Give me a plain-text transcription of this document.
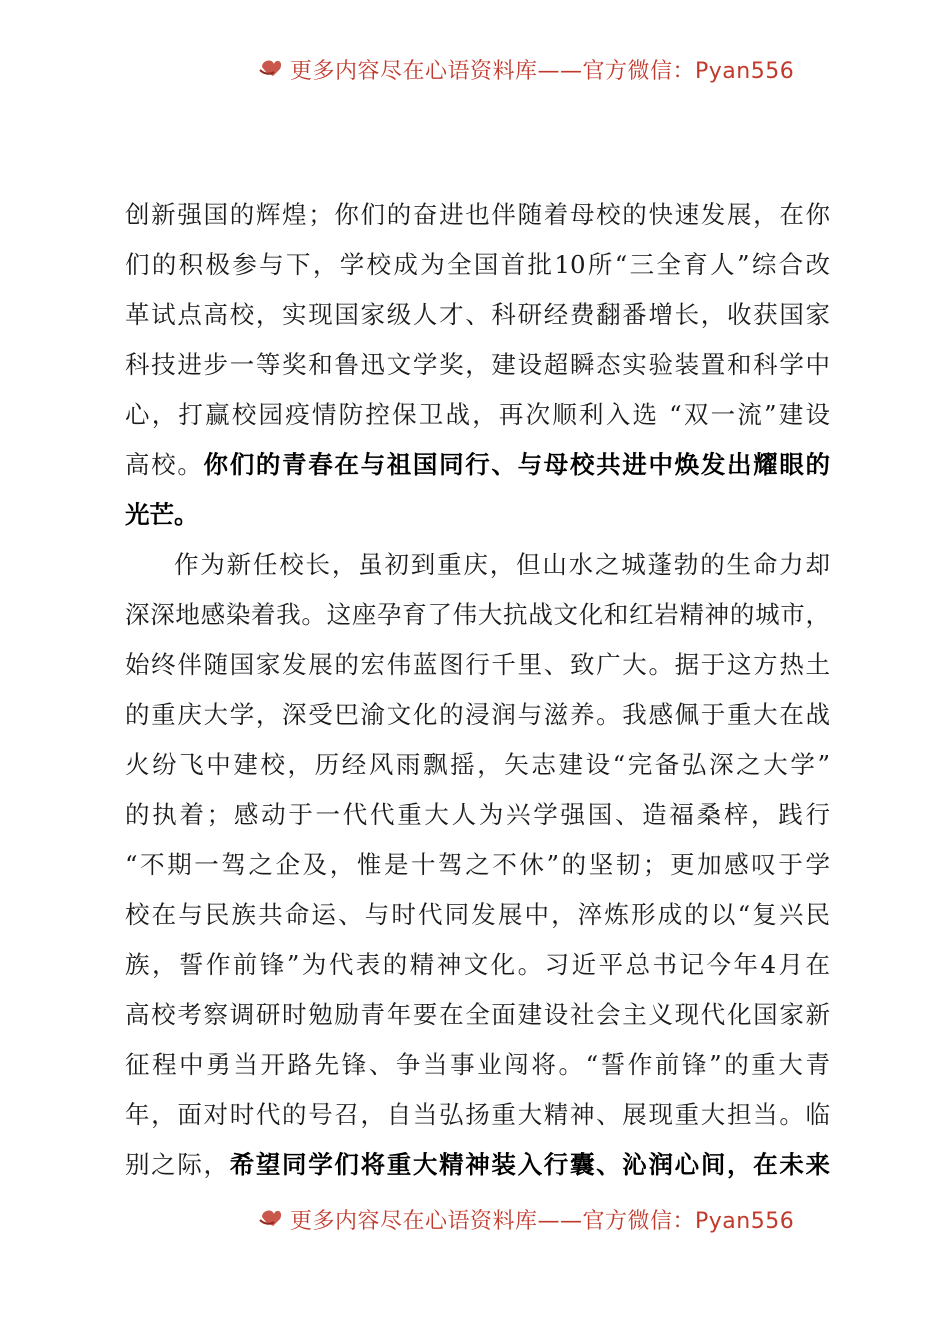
更多内容尽在心语资料库——官方微信：Pyan556
创新强国的辉煌；你们的奋进也伴随着母校的快速发展，在你
们的积极参与下，学校成为全国首批10所“三全育人”综合改
革试点高校，实现国家级人才、科研经费翻番增长，收获国家
科技进步一等奖和鲁迅文学奖，建设超瞬态实验装置和科学中
心，打赢校园疫情防控保卫战，再次顺利入选 “双一流”建设
高校。你们的青春在与祖国同行、与母校共进中焕发出耀眼的
光芒。
作为新任校长，虽初到重庆，但山水之城蓬勃的生命力却
深深地感染着我。这座孕育了伟大抗战文化和红岩精神的城市，
始终伴随国家发展的宏伟蓝图行千里、致广大。据于这方热土
的重庆大学，深受巴渝文化的浸润与滋养。我感佩于重大在战
火纷飞中建校，历经风雨飘摇，矢志建设“完备弘深之大学”
的执着；感动于一代代重大人为兴学强国、造福桑梓，践行
“不期一驾之企及，惟是十驾之不休”的坚韧；更加感叹于学
校在与民族共命运、与时代同发展中，淬炼形成的以“复兴民
族，誓作前锋”为代表的精神文化。习近平总书记今年4月在
高校考察调研时勉励青年要在全面建设社会主义现代化国家新
征程中勇当开路先锋、争当事业闯将。“誓作前锋”的重大青
年，面对时代的号召，自当弘扬重大精神、展现重大担当。临
别之际，希望同学们将重大精神装入行囊、沁润心间，在未来
更多内容尽在心语资料库——官方微信：Pyan556
